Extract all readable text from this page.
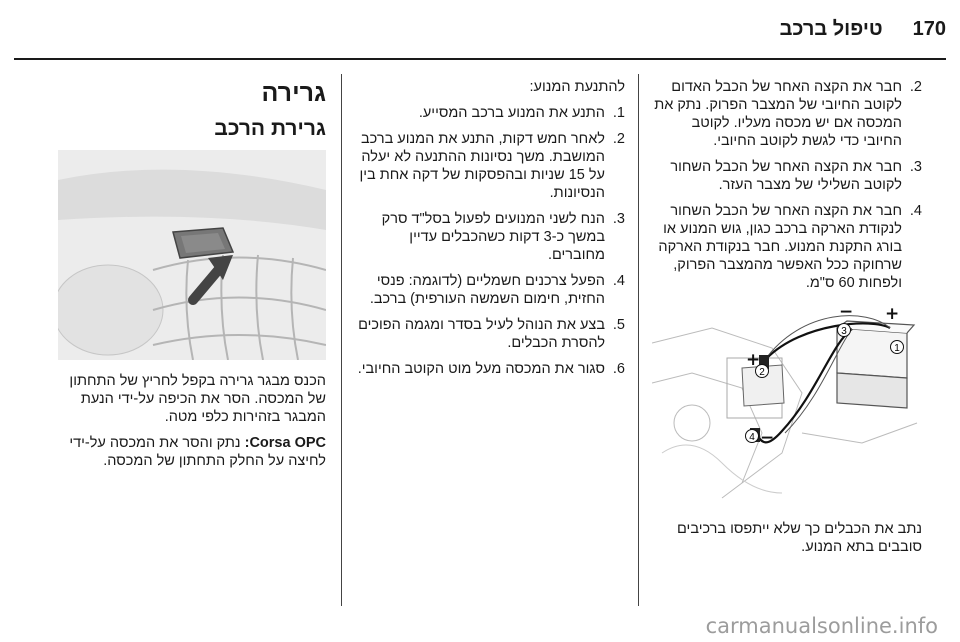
170טיפול ברכב
2.
חבר את הקצה האחר של הכבל האדום לקוטב החיובי של המצבר הפרוק. נתק את המכסה אם יש מכסה מעליו. לקוטב החיובי כדי לגשת לקוטב החיובי.
3.
חבר את הקצה האחר של הכבל השחור לקוטב השלילי של מצבר העזר.
4.
חבר את הקצה האחר של הכבל השחור לנקודת הארקה ברכב כגון, גוש המנוע או בורג התקנת המנוע. חבר בנקודת הארקה שרחוקה ככל האפשר מהמצבר הפרוק, ולפחות 60 ס"מ.
1
2
3
4
+
+
−
−

נתב את הכבלים כך שלא ייתפסו ברכיבים סובבים בתא המנוע.

להתנעת המנוע:

1.
התנע את המנוע ברכב המסייע.
2.
לאחר חמש דקות, התנע את המנוע ברכב המושבת. משך נסיונות ההתנעה לא יעלה על 15 שניות ובהפסקות של דקה אחת בין הנסיונות.
3.
הנח לשני המנועים לפעול בסל"ד סרק במשך כ-3 דקות כשהכבלים עדיין מחוברים.
4.
הפעל צרכנים חשמליים (לדוגמה: פנסי החזית, חימום השמשה העורפית) ברכב.
5.
בצע את הנוהל לעיל בסדר ומגמה הפוכים להסרת הכבלים.
6.
סגור את המכסה מעל מוט הקוטב החיובי.
גרירה
גרירת הרכב

הכנס מבגר גרירה בקפל לחריץ של התחתון של המכסה. הסר את הכיפה על-ידי הנעת המבגר בזהירות כלפי מטה.

Corsa OPC: נתק והסר את המכסה על-ידי לחיצה על החלק התחתון של המכסה.

carmanualsonline.info
